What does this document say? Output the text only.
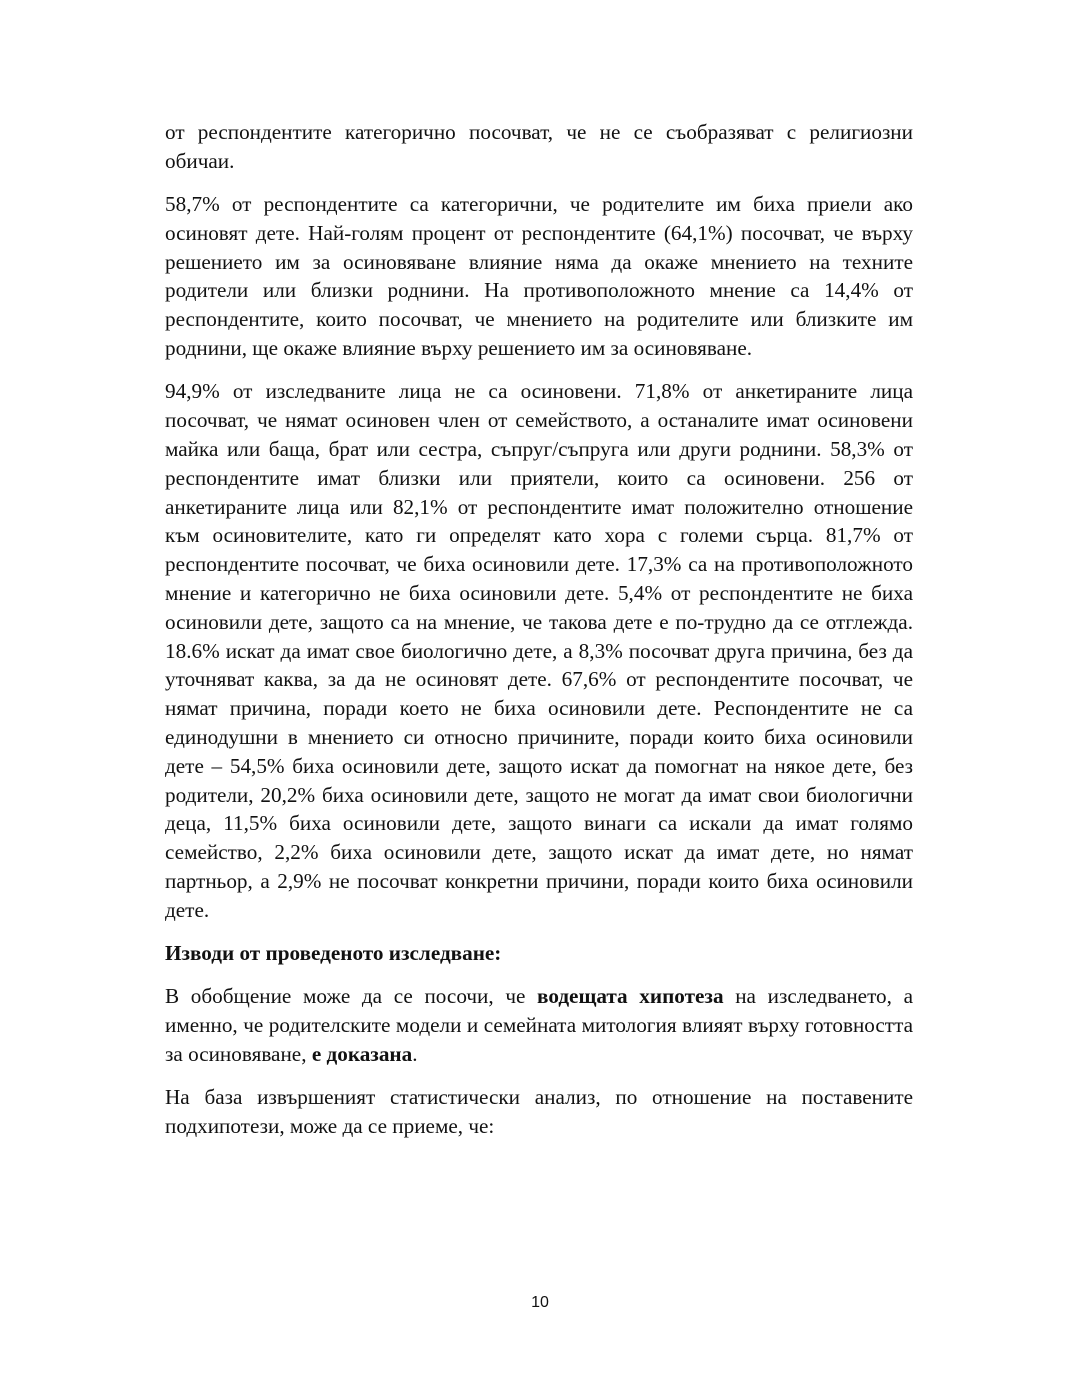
от респондентите категорично посочват, че не се съобразяват с религиозни обичаи.

58,7% от респондентите са категорични, че родителите им биха приели ако осиновят дете. Най-голям процент от респондентите (64,1%) посочват, че върху решението им за осиновяване влияние няма да окаже мнението на техните родители или близки роднини. На противоположното мнение са 14,4% от респондентите, които посочват, че мнението на родителите или близките им роднини, ще окаже влияние върху решението им за осиновяване.

94,9% от изследваните лица не са осиновени. 71,8% от анкетираните лица посочват, че нямат осиновен член от семейството, а останалите имат осиновени майка или баща, брат или сестра, съпруг/съпруга или други роднини. 58,3% от респондентите имат близки или приятели, които са осиновени. 256 от анкетираните лица или 82,1% от респондентите имат положително отношение към осиновителите, като ги определят като хора с големи сърца. 81,7% от респондентите посочват, че биха осиновили дете. 17,3% са на противоположното мнение и категорично не биха осиновили дете. 5,4% от респондентите не биха осиновили дете, защото са на мнение, че такова дете е по-трудно да се отглежда. 18.6% искат да имат свое биологично дете, а 8,3% посочват друга причина, без да уточняват каква, за да не осиновят дете. 67,6% от респондентите посочват, че нямат причина, поради което не биха осиновили дете. Респондентите не са единодушни в мнението си относно причините, поради които биха осиновили дете – 54,5% биха осиновили дете, защото искат да помогнат на някое дете, без родители, 20,2% биха осиновили дете, защото не могат да имат свои биологични деца, 11,5% биха осиновили дете, защото винаги са искали да имат голямо семейство, 2,2% биха осиновили дете, защото искат да имат дете, но нямат партньор, а 2,9% не посочват конкретни причини, поради които биха осиновили дете.

Изводи от проведеното изследване:

В обобщение може да се посочи, че водещата хипотеза на изследването, а именно, че родителските модели и семейната митология влияят върху готовността за осиновяване, е доказана.

На база извършеният статистически анализ, по отношение на поставените подхипотези, може да се приеме, че:

10
